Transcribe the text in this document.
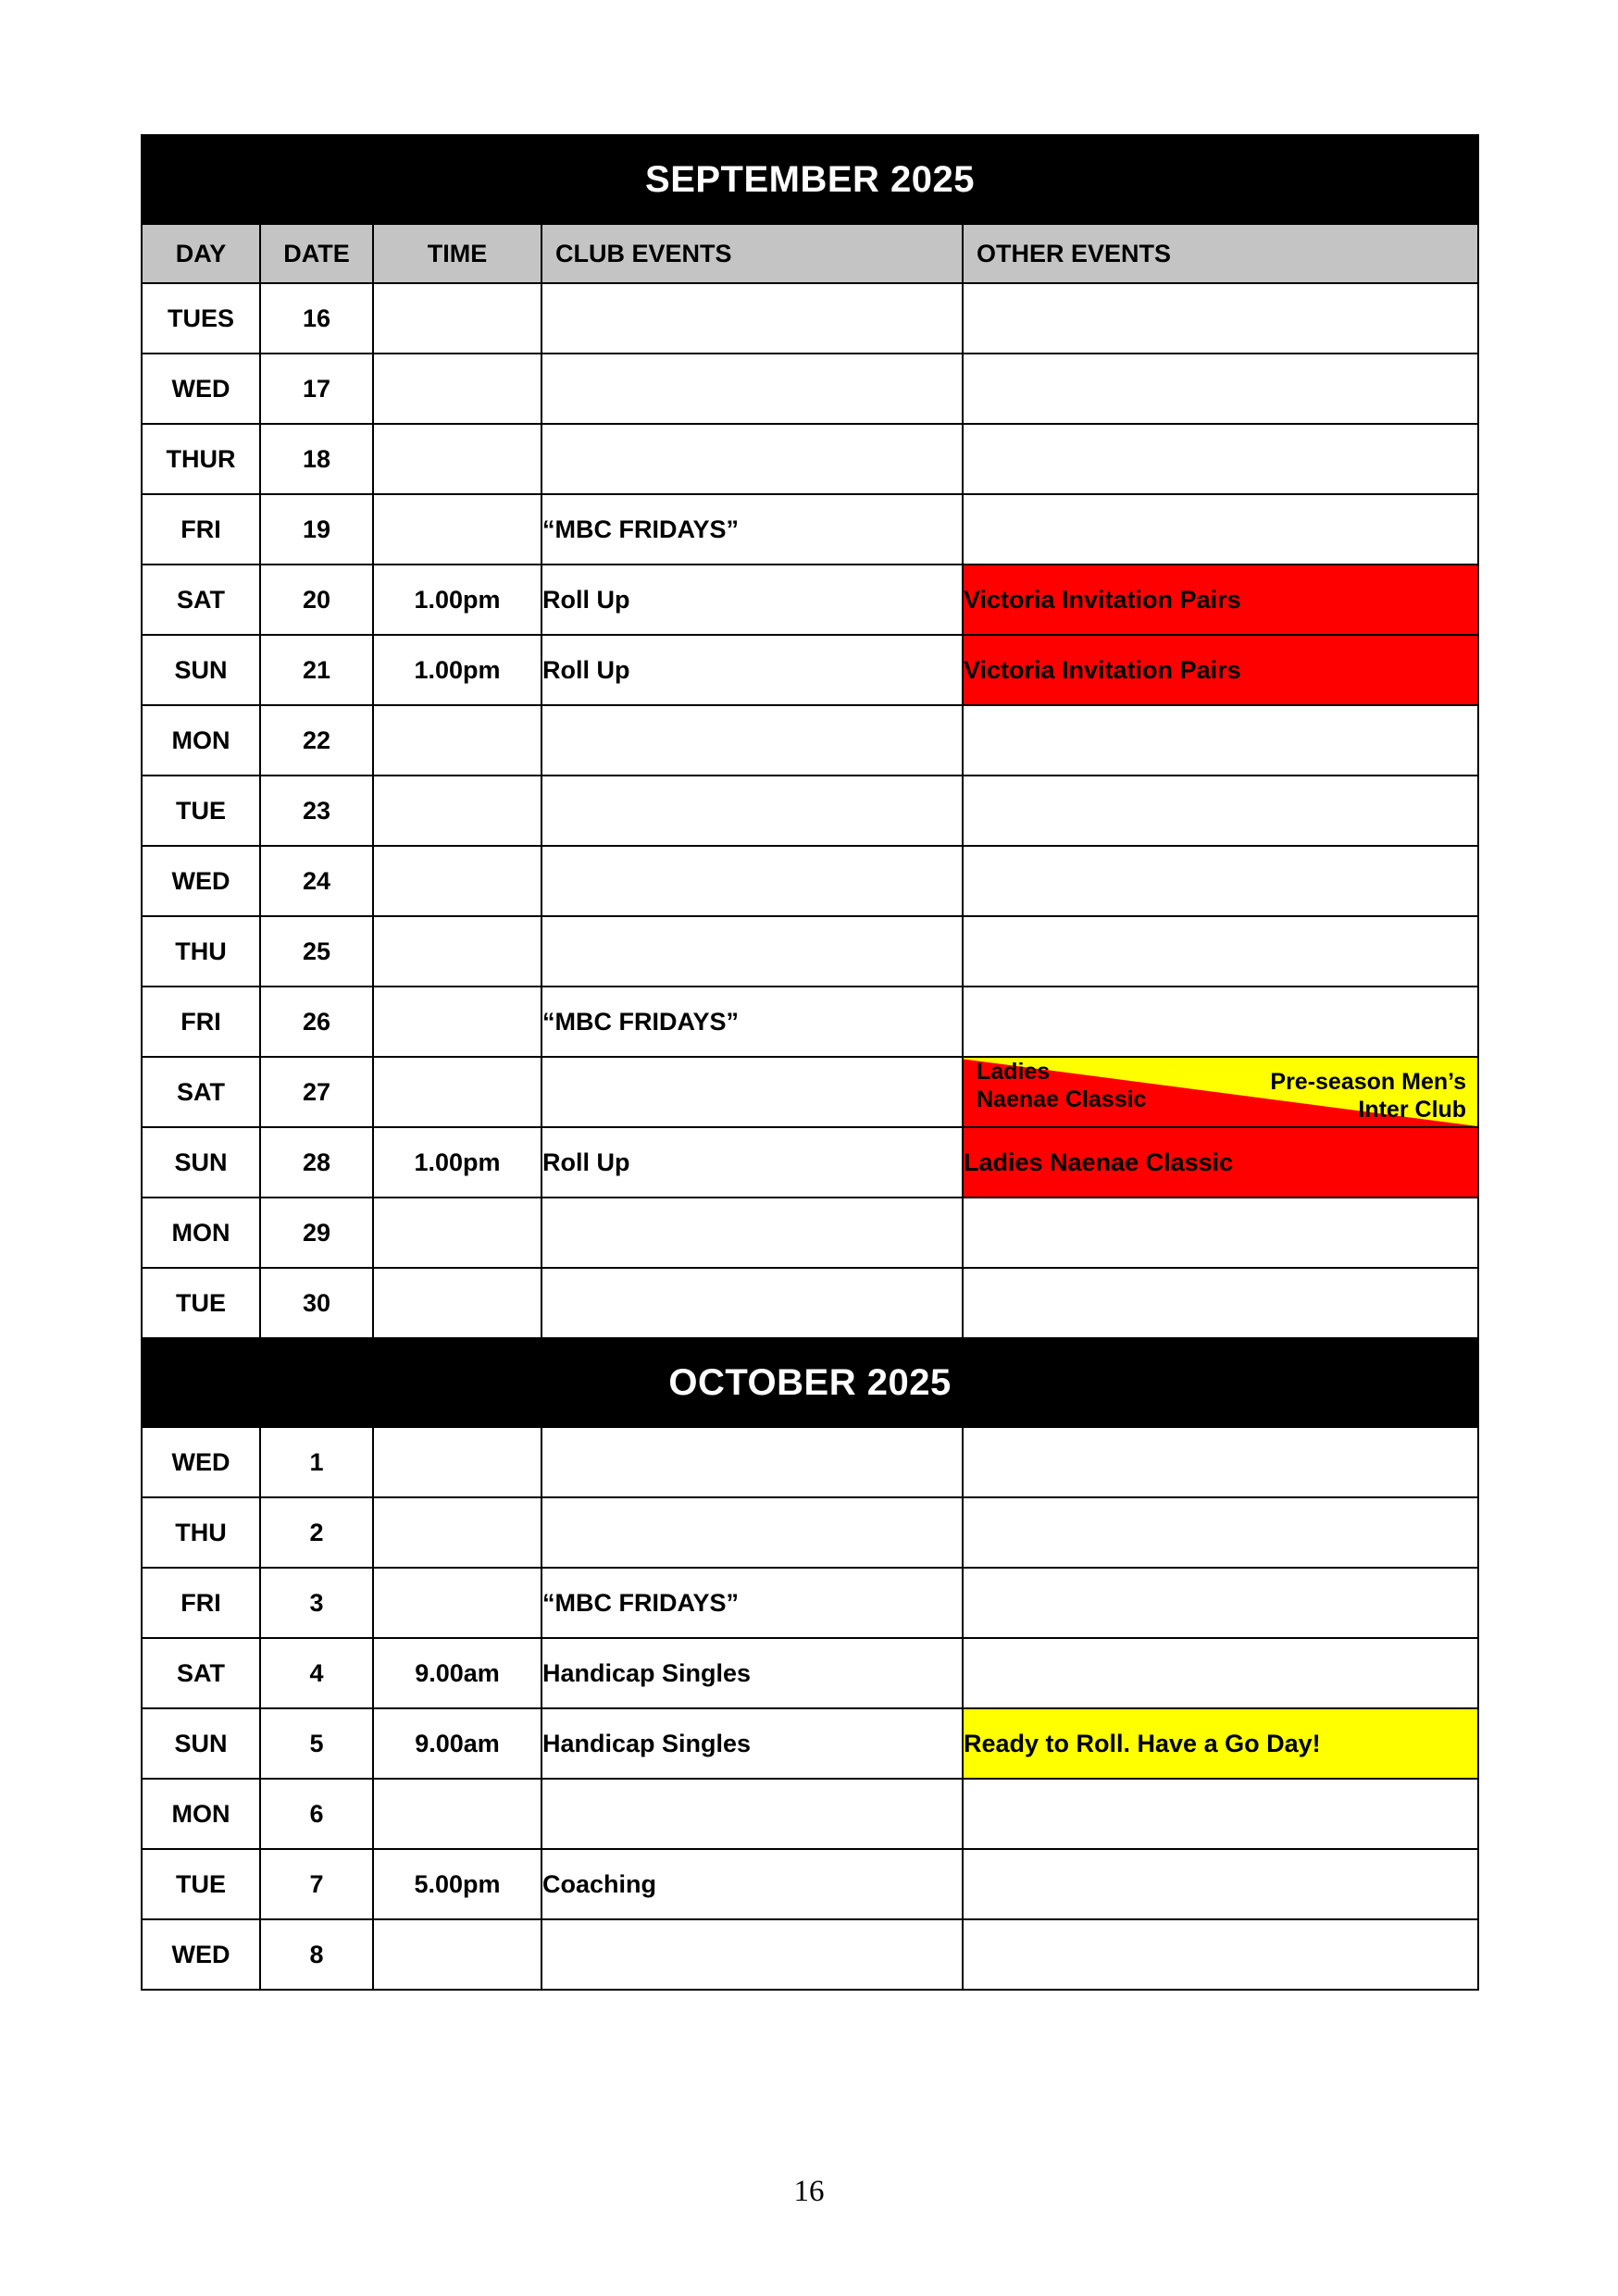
SEPTEMBER 2025				
DAY	DATE	TIME	CLUB EVENTS	OTHER EVENTS
TUES	16			
WED	17			
THUR	18			
FRI	19		“MBC FRIDAYS”	
SAT	20	1.00pm	Roll Up	Victoria Invitation Pairs
SUN	21	1.00pm	Roll Up	Victoria Invitation Pairs
MON	22			
TUE	23			
WED	24			
THU	25			
FRI	26		“MBC FRIDAYS”	
SAT	27			Ladies
Naenae Classic
Pre-season Men’s
Inter Club

SUN	28	1.00pm	Roll Up	Ladies Naenae Classic
MON	29			
TUE	30			
OCTOBER 2025				
WED	1			
THU	2			
FRI	3		“MBC FRIDAYS”	
SAT	4	9.00am	Handicap Singles	
SUN	5	9.00am	Handicap Singles	Ready to Roll. Have a Go Day!
MON	6			
TUE	7	5.00pm	Coaching	
WED	8			
16
